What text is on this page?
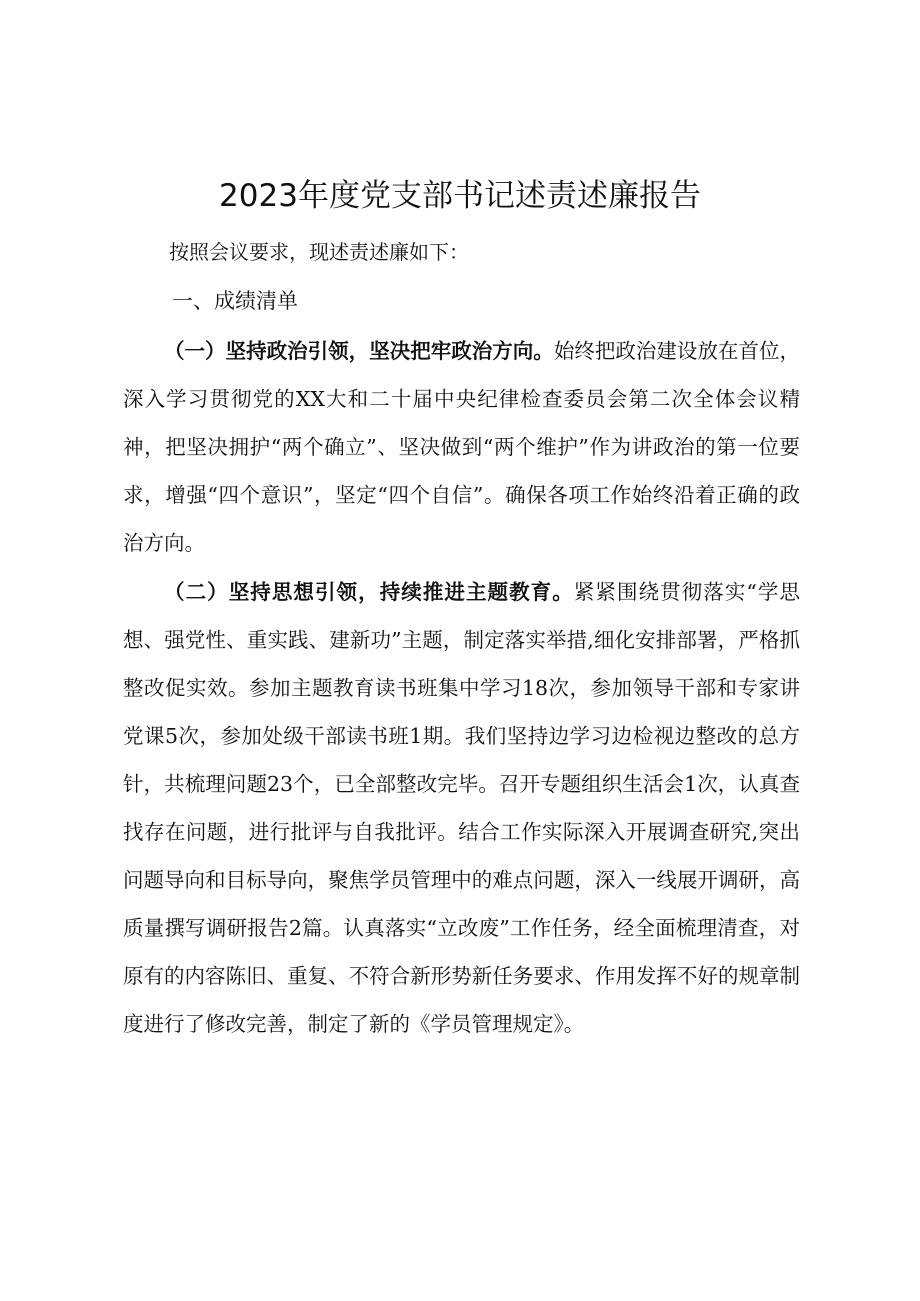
2023年度党支部书记述责述廉报告

按照会议要求，现述责述廉如下：

一、成绩清单

（一）坚持政治引领，坚决把牢政治方向。始终把政治建设放在首位，深入学习贯彻党的XX大和二十届中央纪律检查委员会第二次全体会议精神，把坚决拥护“两个确立”、坚决做到“两个维护”作为讲政治的第一位要求，增强“四个意识”，坚定“四个自信”。确保各项工作始终沿着正确的政治方向。

（二）坚持思想引领，持续推进主题教育。紧紧围绕贯彻落实“学思想、强党性、重实践、建新功”主题，制定落实举措,细化安排部署，严格抓整改促实效。参加主题教育读书班集中学习18次，参加领导干部和专家讲党课5次，参加处级干部读书班1期。我们坚持边学习边检视边整改的总方针，共梳理问题23个，已全部整改完毕。召开专题组织生活会1次，认真查找存在问题，进行批评与自我批评。结合工作实际深入开展调查研究,突出问题导向和目标导向，聚焦学员管理中的难点问题，深入一线展开调研，高质量撰写调研报告2篇。认真落实“立改废”工作任务，经全面梳理清查，对原有的内容陈旧、重复、不符合新形势新任务要求、作用发挥不好的规章制度进行了修改完善，制定了新的《学员管理规定》。
